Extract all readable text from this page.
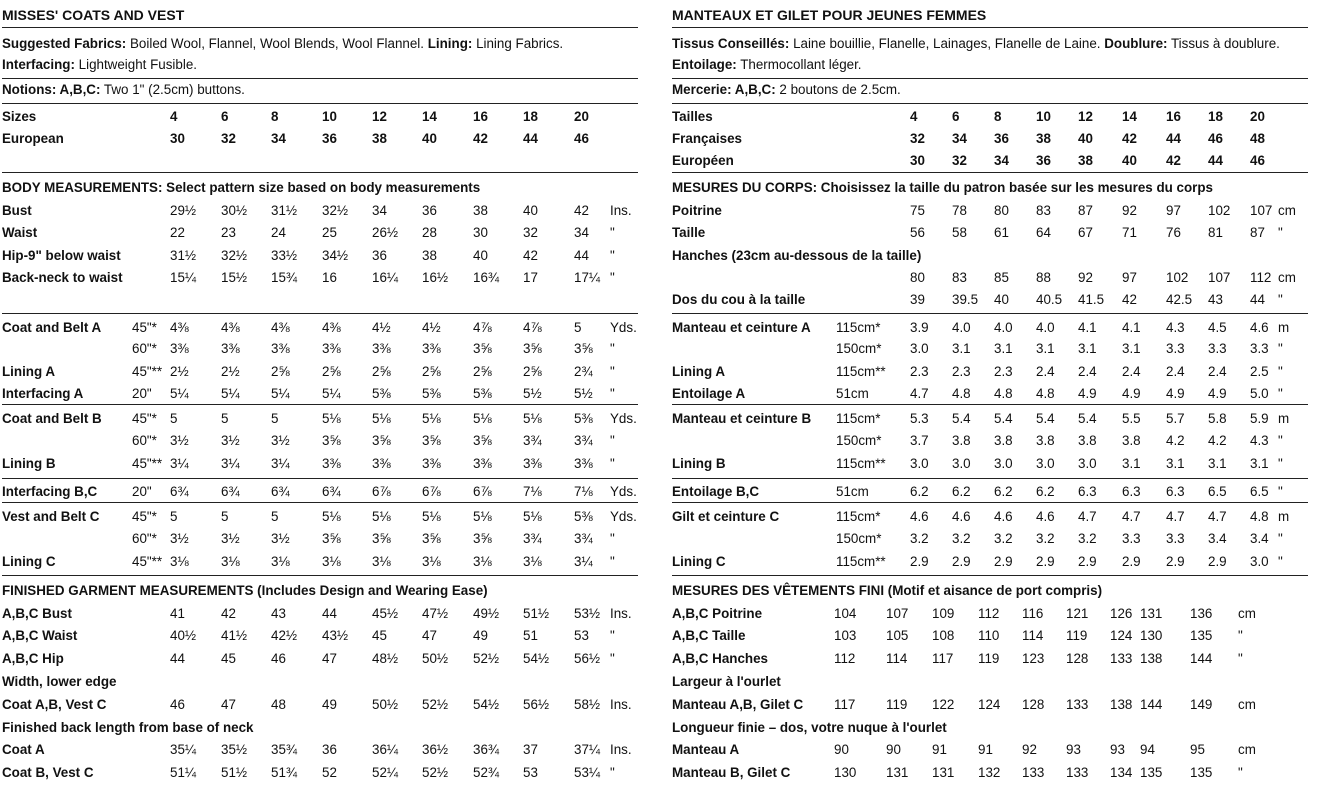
MISSES' COATS AND VEST
Suggested Fabrics: Boiled Wool, Flannel, Wool Blends, Wool Flannel. Lining: Lining Fabrics.
Interfacing: Lightweight Fusible.
Notions: A,B,C: Two 1" (2.5cm) buttons.
Sizes	4	6	8	10	12	14	16	18	20
European	30	32	34	36	38	40	42	44	46
BODY MEASUREMENTS: Select pattern size based on body measurements
Bust	29½ 30½ 31½ 32½ 34	36	38	40	42 Ins.
Waist	22	23	24	25	26½ 28	30	32	34 "
Hip-9" below waist	31½ 32½ 33½ 34½ 36	38	40	42	44 "
Back-neck to waist	15¼ 15½ 15¾ 16	16¼ 16½ 16¾ 17	17¼ "
Coat and Belt A 45"* 4⅜ 4⅜ 4⅜ 4⅜ 4½ 4½ 4⅞ 4⅞ 5 Yds.
60"* 3⅜ 3⅜ 3⅜ 3⅜ 3⅜ 3⅜ 3⅝ 3⅝ 3⅝ "
Lining A	45"** 2½ 2½ 2⅝ 2⅝ 2⅝ 2⅝ 2⅝ 2⅝ 2¾ "
Interfacing A	20" 5¼ 5¼ 5¼ 5¼ 5⅜ 5⅜ 5⅜ 5½ 5½ "
Coat and Belt B 45"* 5	5	5	5⅛ 5⅛ 5⅛ 5⅛ 5⅛ 5⅜ Yds.
60"* 3½ 3½ 3½ 3⅝ 3⅝ 3⅝ 3⅝ 3¾ 3¾ "
Lining B	45"** 3¼ 3¼ 3¼ 3⅜ 3⅜ 3⅜ 3⅜ 3⅜ 3⅜ "
Interfacing B,C	20" 6¾ 6¾ 6¾ 6¾ 6⅞ 6⅞ 6⅞ 7⅛ 7⅛ Yds.
Vest and Belt C 45"* 5	5	5	5⅛ 5⅛ 5⅛ 5⅛ 5⅛ 5⅜ Yds.
60"* 3½ 3½ 3½ 3⅝ 3⅝ 3⅝ 3⅝ 3¾ 3¾ "
Lining C	45"** 3⅛ 3⅛ 3⅛ 3⅛ 3⅛ 3⅛ 3⅛ 3⅛ 3¼ "
FINISHED GARMENT MEASUREMENTS (Includes Design and Wearing Ease)
A,B,C Bust	41	42	43	44	45½ 47½ 49½ 51½ 53½ Ins.
A,B,C Waist	40½ 41½ 42½ 43½ 45	47	49	51	53 "
A,B,C Hip	44	45	46	47	48½ 50½ 52½ 54½ 56½ "
Width, lower edge
Coat A,B, Vest C	46	47	48	49	50½ 52½ 54½ 56½ 58½ Ins.
Finished back length from base of neck
Coat A	35¼ 35½ 35¾ 36	36¼ 36½ 36¾ 37	37¼ Ins.
Coat B, Vest C	51¼ 51½ 51¾ 52	52¼ 52½ 52¾ 53	53¼ "
MANTEAUX ET GILET POUR JEUNES FEMMES
Tissus Conseillés: Laine bouillie, Flanelle, Lainages, Flanelle de Laine. Doublure: Tissus à doublure.
Entoilage: Thermocollant léger.
Mercerie: A,B,C: 2 boutons de 2.5cm.
Tailles	4	6	8	10 12 14 16 18 20
Françaises	32 34 36 38 40 42 44 46 48
Européen	30 32 34 36 38 40 42 44 46
MESURES DU CORPS: Choisissez la taille du patron basée sur les mesures du corps
Poitrine	75 78 80 83 87 92 97 102 107 cm
Taille	56 58 61 64 67 71 76 81 87 "
Hanches (23cm au-dessous de la taille)
80 83 85 88 92 97 102 107 112 cm
Dos du cou à la taille	39 39.5 40 40.5 41.5 42 42.5 43 44 "
Manteau et ceinture A 115cm* 3.9 4.0 4.0 4.0 4.1 4.1 4.3 4.5 4.6 m
150cm* 3.0 3.1 3.1 3.1 3.1 3.1 3.3 3.3 3.3 "
Lining A	115cm** 2.3 2.3 2.3 2.4 2.4 2.4 2.4 2.4 2.5 "
Entoilage A	51cm	4.7 4.8 4.8 4.8 4.9 4.9 4.9 4.9 5.0 "
Manteau et ceinture B 115cm* 5.3 5.4 5.4 5.4 5.4 5.5 5.7 5.8 5.9 m
150cm* 3.7 3.8 3.8 3.8 3.8 3.8 4.2 4.2 4.3 "
Lining B	115cm** 3.0 3.0 3.0 3.0 3.0 3.1 3.1 3.1 3.1 "
Entoilage B,C	51cm	6.2 6.2 6.2 6.2 6.3 6.3 6.3 6.5 6.5 "
Gilt et ceinture C	115cm* 4.6 4.6 4.6 4.6 4.7 4.7 4.7 4.7 4.8 m
150cm* 3.2 3.2 3.2 3.2 3.2 3.3 3.3 3.4 3.4 "
Lining C	115cm** 2.9 2.9 2.9 2.9 2.9 2.9 2.9 2.9 3.0 "
MESURES DES VÊTEMENTS FINI (Motif et aisance de port compris)
A,B,C Poitrine	104 107 109 112 116 121 126 131 136 cm
A,B,C Taille	103 105 108 110 114 119 124 130 135 "
A,B,C Hanches	112 114 117 119 123 128 133 138 144 "
Largeur à l'ourlet
Manteau A,B, Gilet C 117 119 122 124 128 133 138 144 149 cm
Longueur finie – dos, votre nuque à l'ourlet
Manteau A	90	90 91 91 92 93 93 94	95 cm
Manteau B, Gilet C	130 131 131 132 133 133 134 135 135 "
